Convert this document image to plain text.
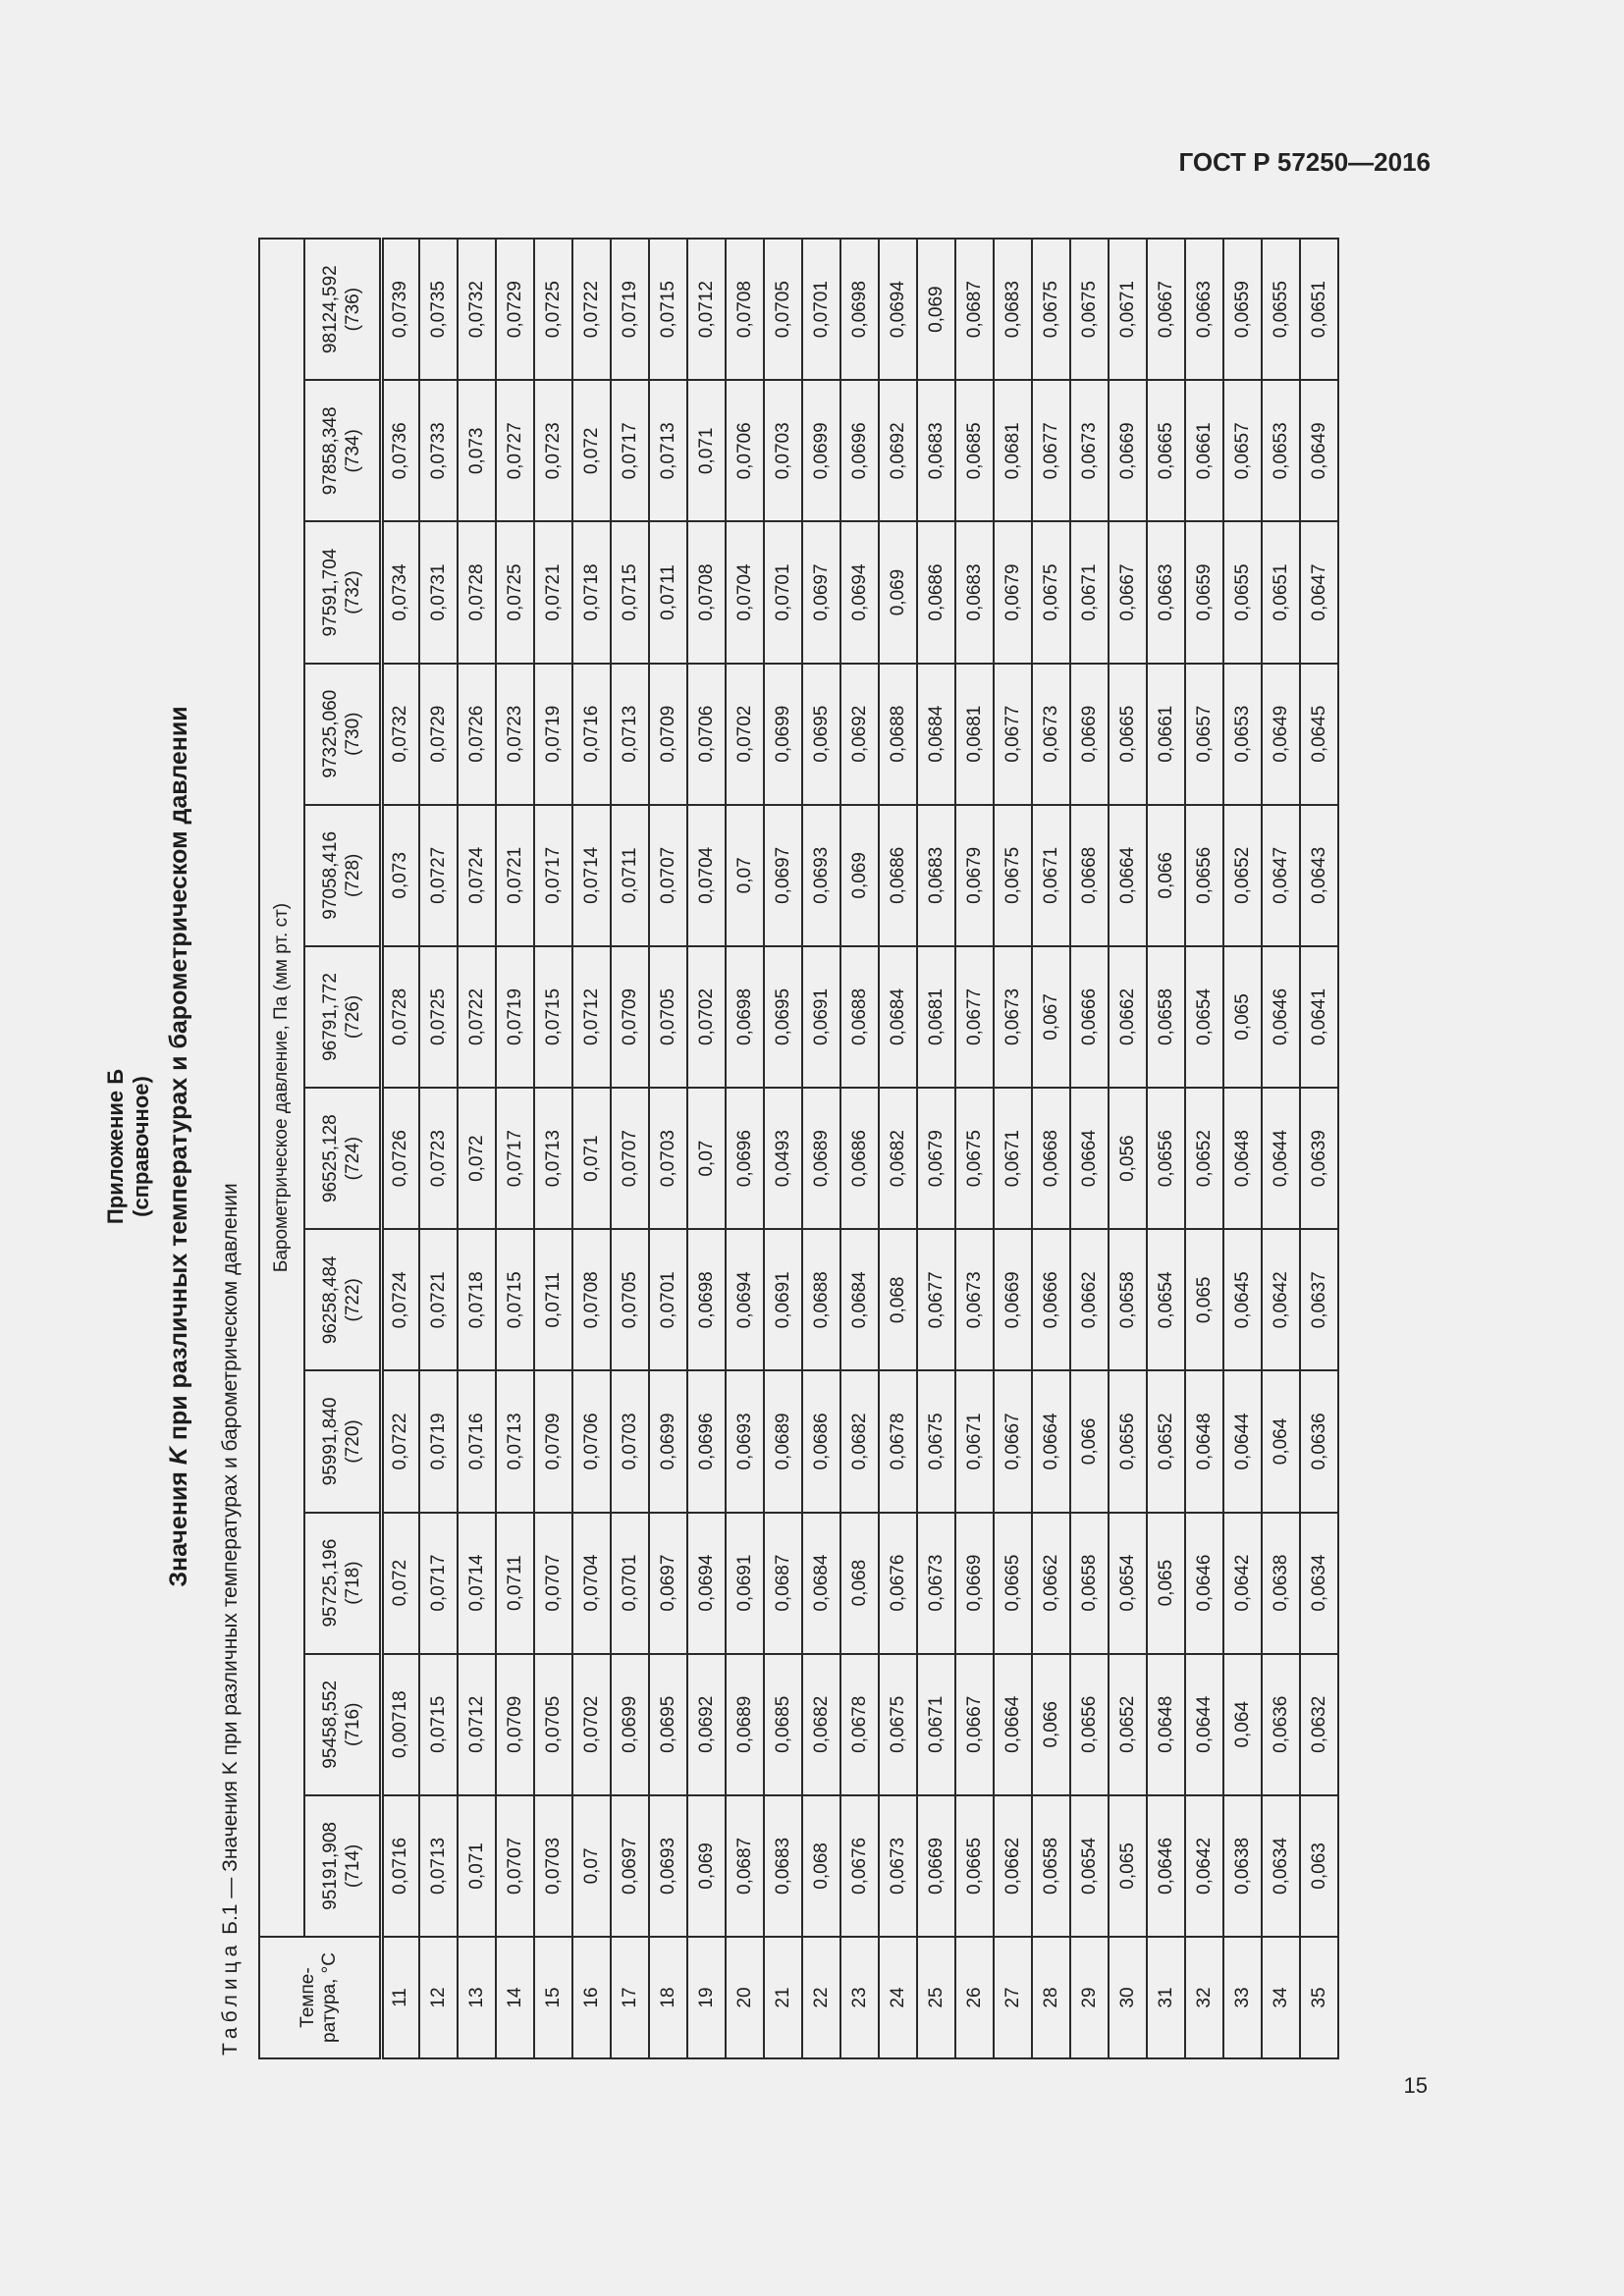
ГОСТ Р 57250—2016
Приложение Б (справочное)
Значения K при различных температурах и барометрическом давлении
Таблица Б.1 — Значения K при различных температурах и барометрическом давлении
Темпе-ратура, °С	Барометрическое давление, Па (мм рт. ст)											

	95191,908 (714)	95458,552 (716)	95725,196 (718)	95991,840 (720)	96258,484 (722)	96525,128 (724)	96791,772 (726)	97058,416 (728)	97325,060 (730)	97591,704 (732)	97858,348 (734)	98124,592 (736)

11	0,0716	0,00718	0,072	0,0722	0,0724	0,0726	0,0728	0,073	0,0732	0,0734	0,0736	0,0739
12	0,0713	0,0715	0,0717	0,0719	0,0721	0,0723	0,0725	0,0727	0,0729	0,0731	0,0733	0,0735
13	0,071	0,0712	0,0714	0,0716	0,0718	0,072	0,0722	0,0724	0,0726	0,0728	0,073	0,0732
14	0,0707	0,0709	0,0711	0,0713	0,0715	0,0717	0,0719	0,0721	0,0723	0,0725	0,0727	0,0729
15	0,0703	0,0705	0,0707	0,0709	0,0711	0,0713	0,0715	0,0717	0,0719	0,0721	0,0723	0,0725
16	0,07	0,0702	0,0704	0,0706	0,0708	0,071	0,0712	0,0714	0,0716	0,0718	0,072	0,0722
17	0,0697	0,0699	0,0701	0,0703	0,0705	0,0707	0,0709	0,0711	0,0713	0,0715	0,0717	0,0719
18	0,0693	0,0695	0,0697	0,0699	0,0701	0,0703	0,0705	0,0707	0,0709	0,0711	0,0713	0,0715
19	0,069	0,0692	0,0694	0,0696	0,0698	0,07	0,0702	0,0704	0,0706	0,0708	0,071	0,0712
20	0,0687	0,0689	0,0691	0,0693	0,0694	0,0696	0,0698	0,07	0,0702	0,0704	0,0706	0,0708
21	0,0683	0,0685	0,0687	0,0689	0,0691	0,0493	0,0695	0,0697	0,0699	0,0701	0,0703	0,0705
22	0,068	0,0682	0,0684	0,0686	0,0688	0,0689	0,0691	0,0693	0,0695	0,0697	0,0699	0,0701
23	0,0676	0,0678	0,068	0,0682	0,0684	0,0686	0,0688	0,069	0,0692	0,0694	0,0696	0,0698
24	0,0673	0,0675	0,0676	0,0678	0,068	0,0682	0,0684	0,0686	0,0688	0,069	0,0692	0,0694
25	0,0669	0,0671	0,0673	0,0675	0,0677	0,0679	0,0681	0,0683	0,0684	0,0686	0,0683	0,069
26	0,0665	0,0667	0,0669	0,0671	0,0673	0,0675	0,0677	0,0679	0,0681	0,0683	0,0685	0,0687
27	0,0662	0,0664	0,0665	0,0667	0,0669	0,0671	0,0673	0,0675	0,0677	0,0679	0,0681	0,0683
28	0,0658	0,066	0,0662	0,0664	0,0666	0,0668	0,067	0,0671	0,0673	0,0675	0,0677	0,0675
29	0,0654	0,0656	0,0658	0,066	0,0662	0,0664	0,0666	0,0668	0,0669	0,0671	0,0673	0,0675
30	0,065	0,0652	0,0654	0,0656	0,0658	0,056	0,0662	0,0664	0,0665	0,0667	0,0669	0,0671
31	0,0646	0,0648	0,065	0,0652	0,0654	0,0656	0,0658	0,066	0,0661	0,0663	0,0665	0,0667
32	0,0642	0,0644	0,0646	0,0648	0,065	0,0652	0,0654	0,0656	0,0657	0,0659	0,0661	0,0663
33	0,0638	0,064	0,0642	0,0644	0,0645	0,0648	0,065	0,0652	0,0653	0,0655	0,0657	0,0659
34	0,0634	0,0636	0,0638	0,064	0,0642	0,0644	0,0646	0,0647	0,0649	0,0651	0,0653	0,0655
35	0,063	0,0632	0,0634	0,0636	0,0637	0,0639	0,0641	0,0643	0,0645	0,0647	0,0649	0,0651
15
